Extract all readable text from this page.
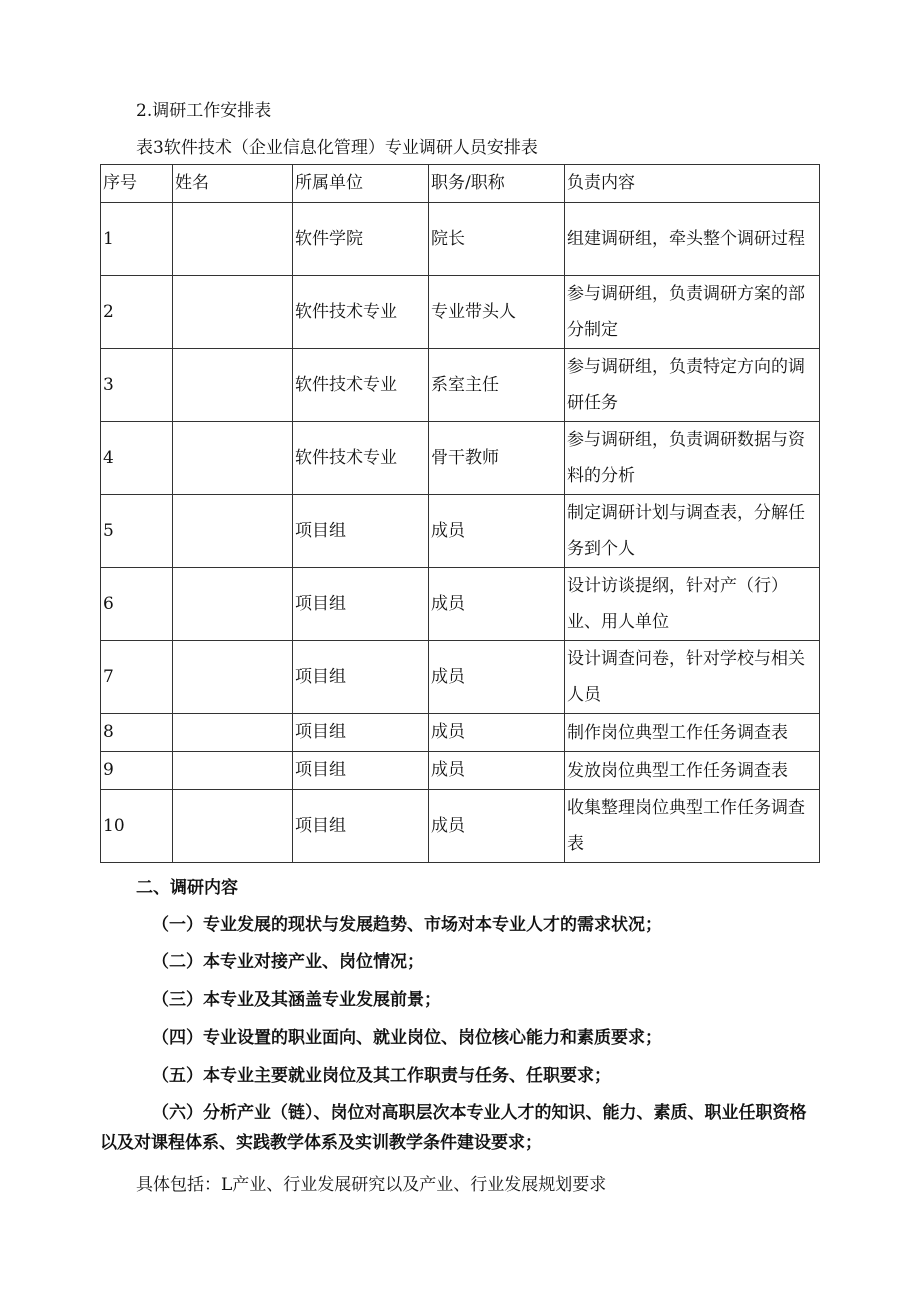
2.调研工作安排表
表3软件技术（企业信息化管理）专业调研人员安排表
序号	姓名	所属单位	职务/职称	负责内容
1		软件学院	院长	组建调研组，牵头整个调研过程
2		软件技术专业	专业带头人	参与调研组，负责调研方案的部分制定
3		软件技术专业	系室主任	参与调研组，负责特定方向的调研任务
4		软件技术专业	骨干教师	参与调研组，负责调研数据与资料的分析
5		项目组	成员	制定调研计划与调查表，分解任务到个人
6		项目组	成员	设计访谈提纲，针对产（行）业、用人单位
7		项目组	成员	设计调查问卷，针对学校与相关人员
8		项目组	成员	制作岗位典型工作任务调查表
9		项目组	成员	发放岗位典型工作任务调查表
10		项目组	成员	收集整理岗位典型工作任务调查表
二、调研内容
（一）专业发展的现状与发展趋势、市场对本专业人才的需求状况；
（二）本专业对接产业、岗位情况；
（三）本专业及其涵盖专业发展前景；
（四）专业设置的职业面向、就业岗位、岗位核心能力和素质要求；
（五）本专业主要就业岗位及其工作职责与任务、任职要求；
（六）分析产业（链）、岗位对高职层次本专业人才的知识、能力、素质、职业任职资格以及对课程体系、实践教学体系及实训教学条件建设要求；
具体包括：L产业、行业发展研究以及产业、行业发展规划要求
